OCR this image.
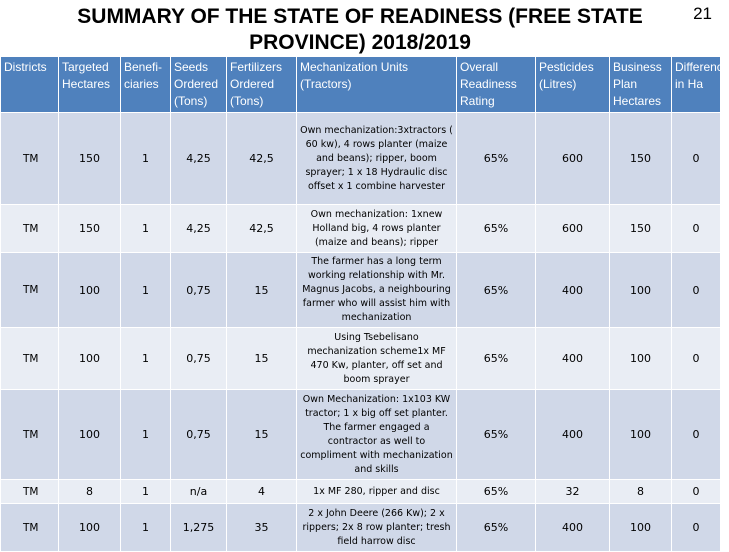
SUMMARY OF THE STATE OF READINESS (FREE STATE
PROVINCE) 2018/2019
21
Districts	Targeted Hectares	Benefi-ciaries	Seeds Ordered (Tons)	Fertilizers Ordered (Tons)	Mechanization Units (Tractors)	Overall Readiness Rating	Pesticides (Litres)	Business Plan Hectares	Difference in Ha
TM	150	1	4,25	42,5	Own mechanization:3xtractors ( 60 kw), 4 rows planter (maize and beans); ripper, boom sprayer; 1 x 18 Hydraulic disc offset x 1 combine harvester	65%	600	150	0
TM	150	1	4,25	42,5	Own mechanization: 1xnew Holland big, 4 rows planter (maize and beans); ripper	65%	600	150	0
TM	100	1	0,75	15	The farmer has a long term working relationship with Mr. Magnus Jacobs, a neighbouring farmer who will assist him with mechanization	65%	400	100	0
TM	100	1	0,75	15	Using Tsebelisano mechanization scheme1x MF 470 Kw, planter, off set and boom sprayer	65%	400	100	0
TM	100	1	0,75	15	Own Mechanization: 1x103 KW tractor; 1 x big off set planter. The farmer engaged a contractor as well to compliment with mechanization and skills	65%	400	100	0
TM	8	1	n/a	4	1x MF 280, ripper and disc	65%	32	8	0
TM	100	1	1,275	35	2 x John Deere (266 Kw); 2 x rippers; 2x 8 row planter; tresh field harrow disc	65%	400	100	0
